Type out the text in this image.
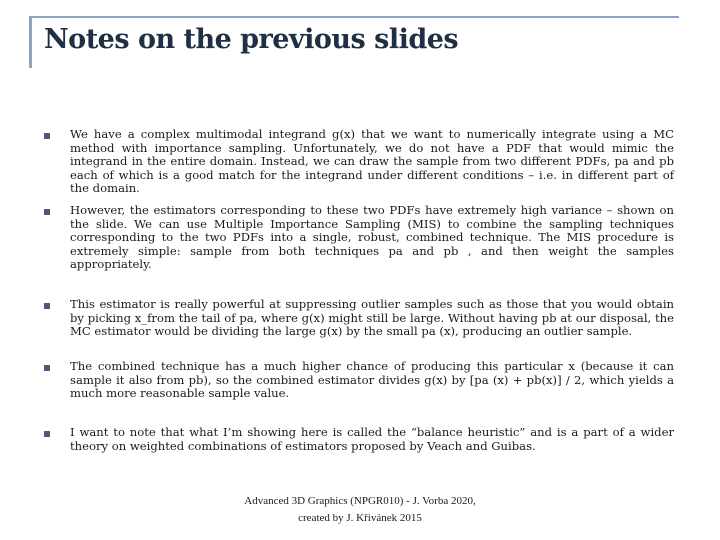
Notes on the previous slides
We have a complex multimodal integrand g(x) that we want to numerically integrate using a MC method with importance sampling. Unfortunately, we do not have a PDF that would mimic the integrand in the entire domain. Instead, we can draw the sample from two different PDFs, pa and pb each of which is a good match for the integrand under different conditions – i.e. in different part of the domain.
However, the estimators corresponding to these two PDFs have extremely high variance – shown on the slide. We can use Multiple Importance Sampling (MIS) to combine the sampling techniques corresponding to the two PDFs into a single, robust, combined technique. The MIS procedure is extremely simple: sample from both techniques pa and pb , and then weight the samples appropriately.
This estimator is really powerful at suppressing outlier samples such as those that you would obtain by picking x_from the tail of pa, where g(x) might still be large. Without having pb at our disposal, the MC estimator would be dividing the large g(x) by the small pa (x), producing an outlier sample.
The combined technique has a much higher chance of producing this particular x (because it can sample it also from pb), so the combined estimator divides g(x) by [pa (x) + pb(x)] / 2, which yields a much more reasonable sample value.
I want to note that what I’m showing here is called the “balance heuristic” and is a part of a wider theory on weighted combinations of estimators proposed by Veach and Guibas.
Advanced 3D Graphics (NPGR010) - J. Vorba 2020,
created by J. Křivánek 2015
